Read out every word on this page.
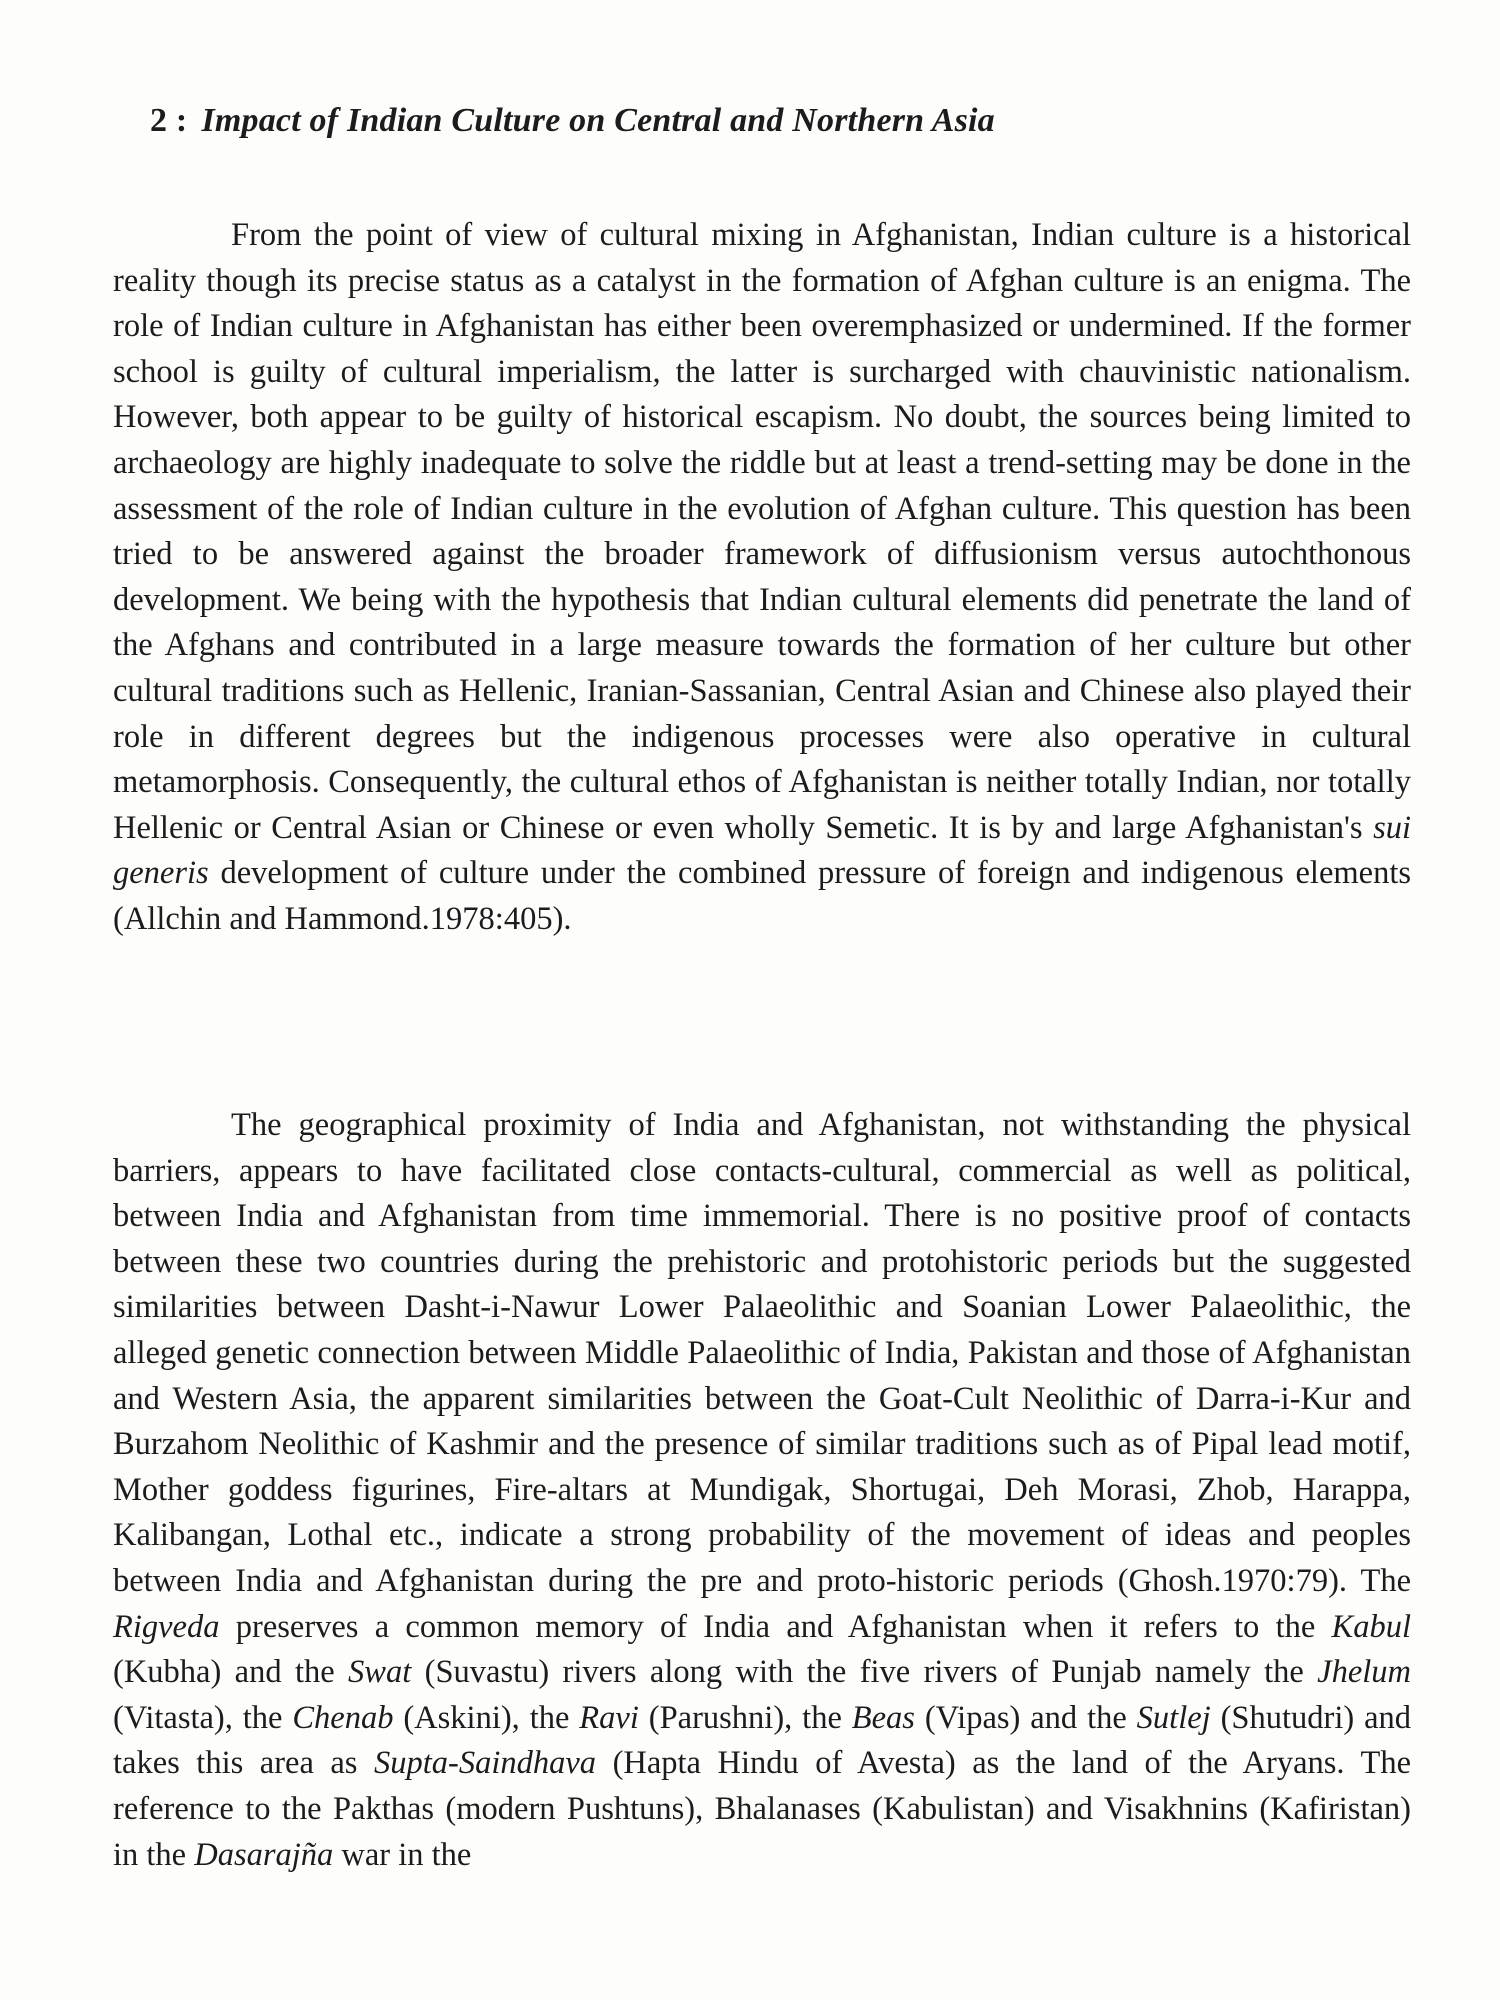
2 : Impact of Indian Culture on Central and Northern Asia

From the point of view of cultural mixing in Afghanistan, Indian culture is a historical reality though its precise status as a catalyst in the formation of Afghan culture is an enigma. The role of Indian culture in Afghanistan has either been overemphasized or undermined. If the former school is guilty of cultural imperialism, the latter is surcharged with chauvinistic nationalism. However, both appear to be guilty of historical escapism. No doubt, the sources being limited to archaeology are highly inadequate to solve the riddle but at least a trend-setting may be done in the assessment of the role of Indian culture in the evolution of Afghan culture. This question has been tried to be answered against the broader framework of diffusionism versus autochthonous development. We being with the hypothesis that Indian cultural elements did penetrate the land of the Afghans and contributed in a large measure towards the formation of her culture but other cultural traditions such as Hellenic, Iranian-Sassanian, Central Asian and Chinese also played their role in different degrees but the indigenous processes were also operative in cultural metamorphosis. Consequently, the cultural ethos of Afghanistan is neither totally Indian, nor totally Hellenic or Central Asian or Chinese or even wholly Semetic. It is by and large Afghanistan's sui generis development of culture under the combined pressure of foreign and indigenous elements (Allchin and Hammond.1978:405).

The geographical proximity of India and Afghanistan, not withstanding the physical barriers, appears to have facilitated close contacts-cultural, commercial as well as political, between India and Afghanistan from time immemorial. There is no positive proof of contacts between these two countries during the prehistoric and protohistoric periods but the suggested similarities between Dasht-i-Nawur Lower Palaeolithic and Soanian Lower Palaeolithic, the alleged genetic connection between Middle Palaeolithic of India, Pakistan and those of Afghanistan and Western Asia, the apparent similarities between the Goat-Cult Neolithic of Darra-i-Kur and Burzahom Neolithic of Kashmir and the presence of similar traditions such as of Pipal lead motif, Mother goddess figurines, Fire-altars at Mundigak, Shortugai, Deh Morasi, Zhob, Harappa, Kalibangan, Lothal etc., indicate a strong probability of the movement of ideas and peoples between India and Afghanistan during the pre and proto-historic periods (Ghosh.1970:79). The Rigveda preserves a common memory of India and Afghanistan when it refers to the Kabul (Kubha) and the Swat (Suvastu) rivers along with the five rivers of Punjab namely the Jhelum (Vitasta), the Chenab (Askini), the Ravi (Parushni), the Beas (Vipas) and the Sutlej (Shutudri) and takes this area as Supta-Saindhava (Hapta Hindu of Avesta) as the land of the Aryans. The reference to the Pakthas (modern Pushtuns), Bhalanases (Kabulistan) and Visakhnins (Kafiristan) in the Dasarajña war in the
